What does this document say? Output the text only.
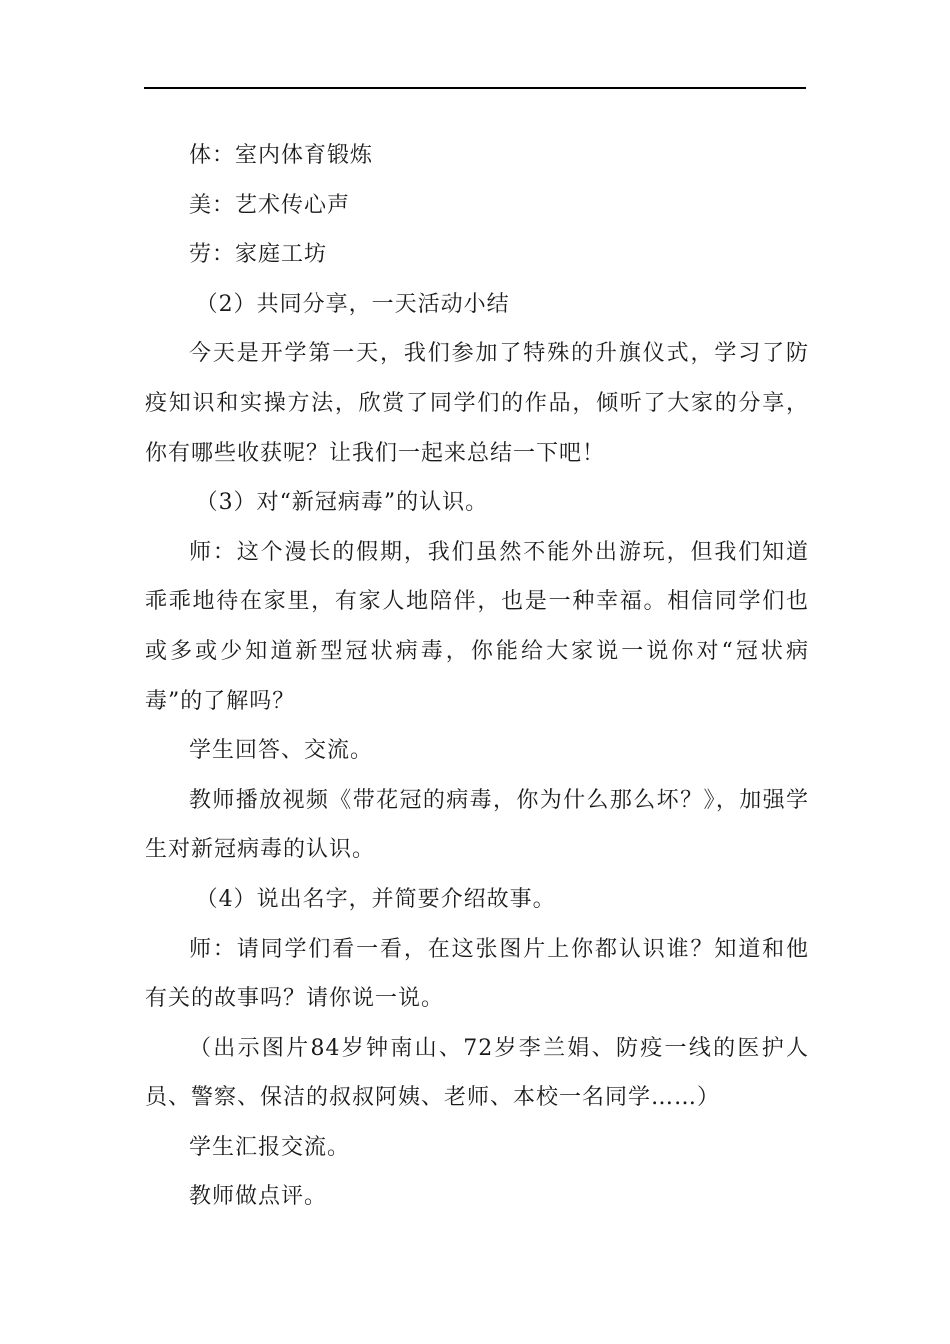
体：室内体育锻炼

美：艺术传心声

劳：家庭工坊

（2）共同分享，一天活动小结

今天是开学第一天，我们参加了特殊的升旗仪式，学习了防疫知识和实操方法，欣赏了同学们的作品，倾听了大家的分享，你有哪些收获呢？让我们一起来总结一下吧！

（3）对“新冠病毒”的认识。

师：这个漫长的假期，我们虽然不能外出游玩，但我们知道乖乖地待在家里，有家人地陪伴，也是一种幸福。相信同学们也或多或少知道新型冠状病毒，你能给大家说一说你对“冠状病毒”的了解吗？

学生回答、交流。

教师播放视频《带花冠的病毒，你为什么那么坏？》，加强学生对新冠病毒的认识。

（4）说出名字，并简要介绍故事。

师：请同学们看一看，在这张图片上你都认识谁？知道和他有关的故事吗？请你说一说。

（出示图片84岁钟南山、72岁李兰娟、防疫一线的医护人员、警察、保洁的叔叔阿姨、老师、本校一名同学……）

学生汇报交流。

教师做点评。
